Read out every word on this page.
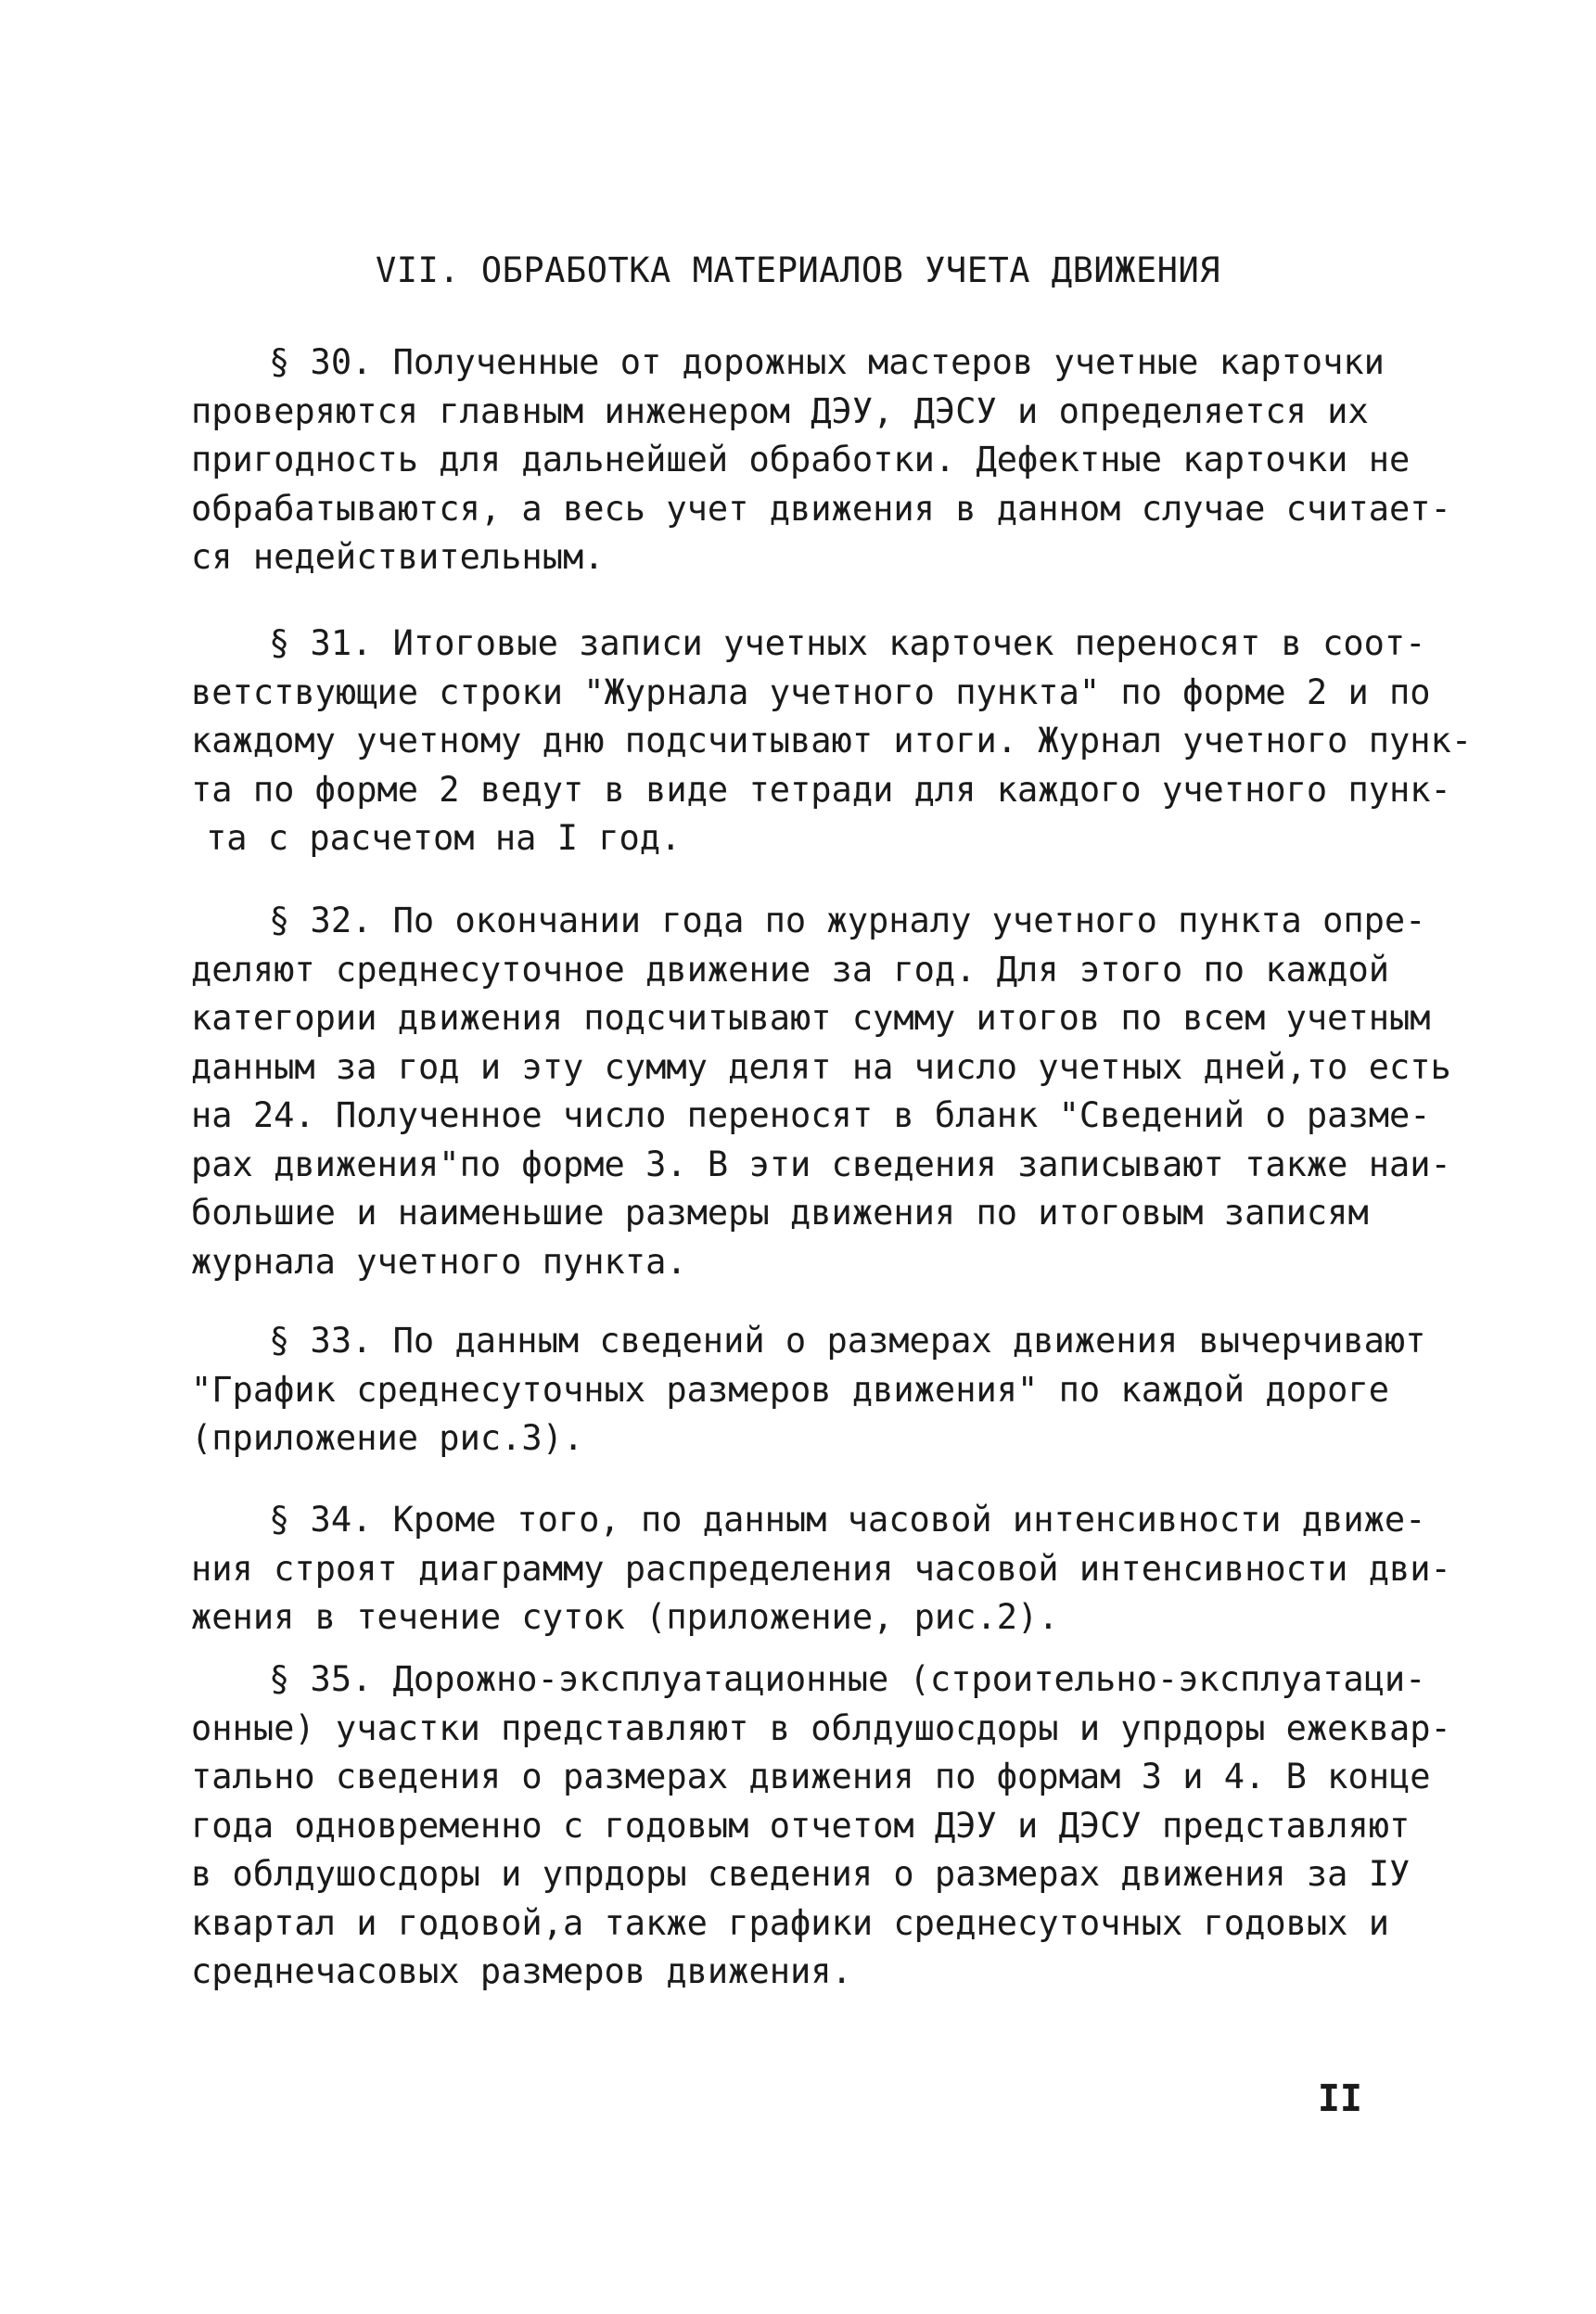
VII. ОБРАБОТКА МАТЕРИАЛОВ УЧЕТА ДВИЖЕНИЯ

§ 30. Полученные от дорожных мастеров учетные карточки
проверяются главным инженером ДЭУ, ДЭСУ и определяется их
пригодность для дальнейшей обработки. Дефектные карточки не
обрабатываются, а весь учет движения в данном случае считает-
ся недействительным.

§ 31. Итоговые записи учетных карточек переносят в соот-
ветствующие строки "Журнала учетного пункта" по форме 2 и по
каждому учетному дню подсчитывают итоги. Журнал учетного пунк-
та по форме 2 ведут в виде тетради для каждого учетного пунк-
та с расчетом на I год.

§ 32. По окончании года по журналу учетного пункта опре-
деляют среднесуточное движение за год. Для этого по каждой
категории движения подсчитывают сумму итогов по всем учетным
данным за год и эту сумму делят на число учетных дней,то есть
на 24. Полученное число переносят в бланк "Сведений о разме-
рах движения"по форме 3. В эти сведения записывают также наи-
большие и наименьшие размеры движения по итоговым записям
журнала учетного пункта.

§ 33. По данным сведений о размерах движения вычерчивают
"График среднесуточных размеров движения" по каждой дороге
(приложение рис.3).

§ 34. Кроме того, по данным часовой интенсивности движе-
ния строят диаграмму распределения часовой интенсивности дви-
жения в течение суток (приложение, рис.2).

§ 35. Дорожно-эксплуатационные (строительно-эксплуатаци-
онные) участки представляют в облдушосдоры и упрдоры ежеквар-
тально сведения о размерах движения по формам 3 и 4. В конце
года одновременно с годовым отчетом ДЭУ и ДЭСУ представляют
в облдушосдоры и упрдоры сведения о размерах движения за IУ
квартал и годовой,а также графики среднесуточных годовых и
среднечасовых размеров движения.

II
